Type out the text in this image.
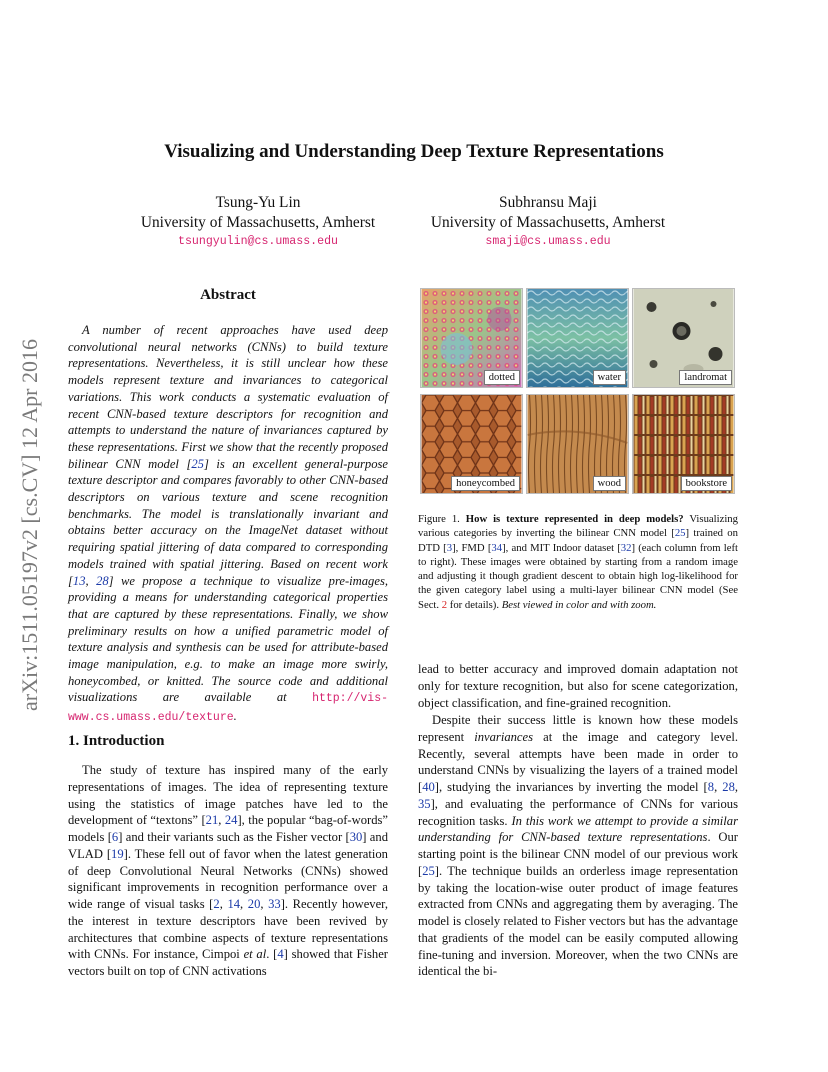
arXiv:1511.05197v2 [cs.CV] 12 Apr 2016
Visualizing and Understanding Deep Texture Representations
Tsung-Yu Lin
University of Massachusetts, Amherst
tsungyulin@cs.umass.edu
Subhransu Maji
University of Massachusetts, Amherst
smaji@cs.umass.edu
Abstract
A number of recent approaches have used deep convolutional neural networks (CNNs) to build texture representations. Nevertheless, it is still unclear how these models represent texture and invariances to categorical variations. This work conducts a systematic evaluation of recent CNN-based texture descriptors for recognition and attempts to understand the nature of invariances captured by these representations. First we show that the recently proposed bilinear CNN model [25] is an excellent general-purpose texture descriptor and compares favorably to other CNN-based descriptors on various texture and scene recognition benchmarks. The model is translationally invariant and obtains better accuracy on the ImageNet dataset without requiring spatial jittering of data compared to corresponding models trained with spatial jittering. Based on recent work [13, 28] we propose a technique to visualize pre-images, providing a means for understanding categorical properties that are captured by these representations. Finally, we show preliminary results on how a unified parametric model of texture analysis and synthesis can be used for attribute-based image manipulation, e.g. to make an image more swirly, honeycombed, or knitted. The source code and additional visualizations are available at http://vis-www.cs.umass.edu/texture.
1. Introduction
The study of texture has inspired many of the early representations of images. The idea of representing texture using the statistics of image patches have led to the development of “textons” [21, 24], the popular “bag-of-words” models [6] and their variants such as the Fisher vector [30] and VLAD [19]. These fell out of favor when the latest generation of deep Convolutional Neural Networks (CNNs) showed significant improvements in recognition performance over a wide range of visual tasks [2, 14, 20, 33]. Recently however, the interest in texture descriptors have been revived by architectures that combine aspects of texture representations with CNNs. For instance, Cimpoi et al. [4] showed that Fisher vectors built on top of CNN activations
dotted	water	landromat
honeycombed	wood	bookstore
Figure 1. How is texture represented in deep models? Visualizing various categories by inverting the bilinear CNN model [25] trained on DTD [3], FMD [34], and MIT Indoor dataset [32] (each column from left to right). These images were obtained by starting from a random image and adjusting it though gradient descent to obtain high log-likelihood for the given category label using a multi-layer bilinear CNN model (See Sect. 2 for details). Best viewed in color and with zoom.
lead to better accuracy and improved domain adaptation not only for texture recognition, but also for scene categorization, object classification, and fine-grained recognition.
Despite their success little is known how these models represent invariances at the image and category level. Recently, several attempts have been made in order to understand CNNs by visualizing the layers of a trained model [40], studying the invariances by inverting the model [8, 28, 35], and evaluating the performance of CNNs for various recognition tasks. In this work we attempt to provide a similar understanding for CNN-based texture representations. Our starting point is the bilinear CNN model of our previous work [25]. The technique builds an orderless image representation by taking the location-wise outer product of image features extracted from CNNs and aggregating them by averaging. The model is closely related to Fisher vectors but has the advantage that gradients of the model can be easily computed allowing fine-tuning and inversion. Moreover, when the two CNNs are identical the bi-
